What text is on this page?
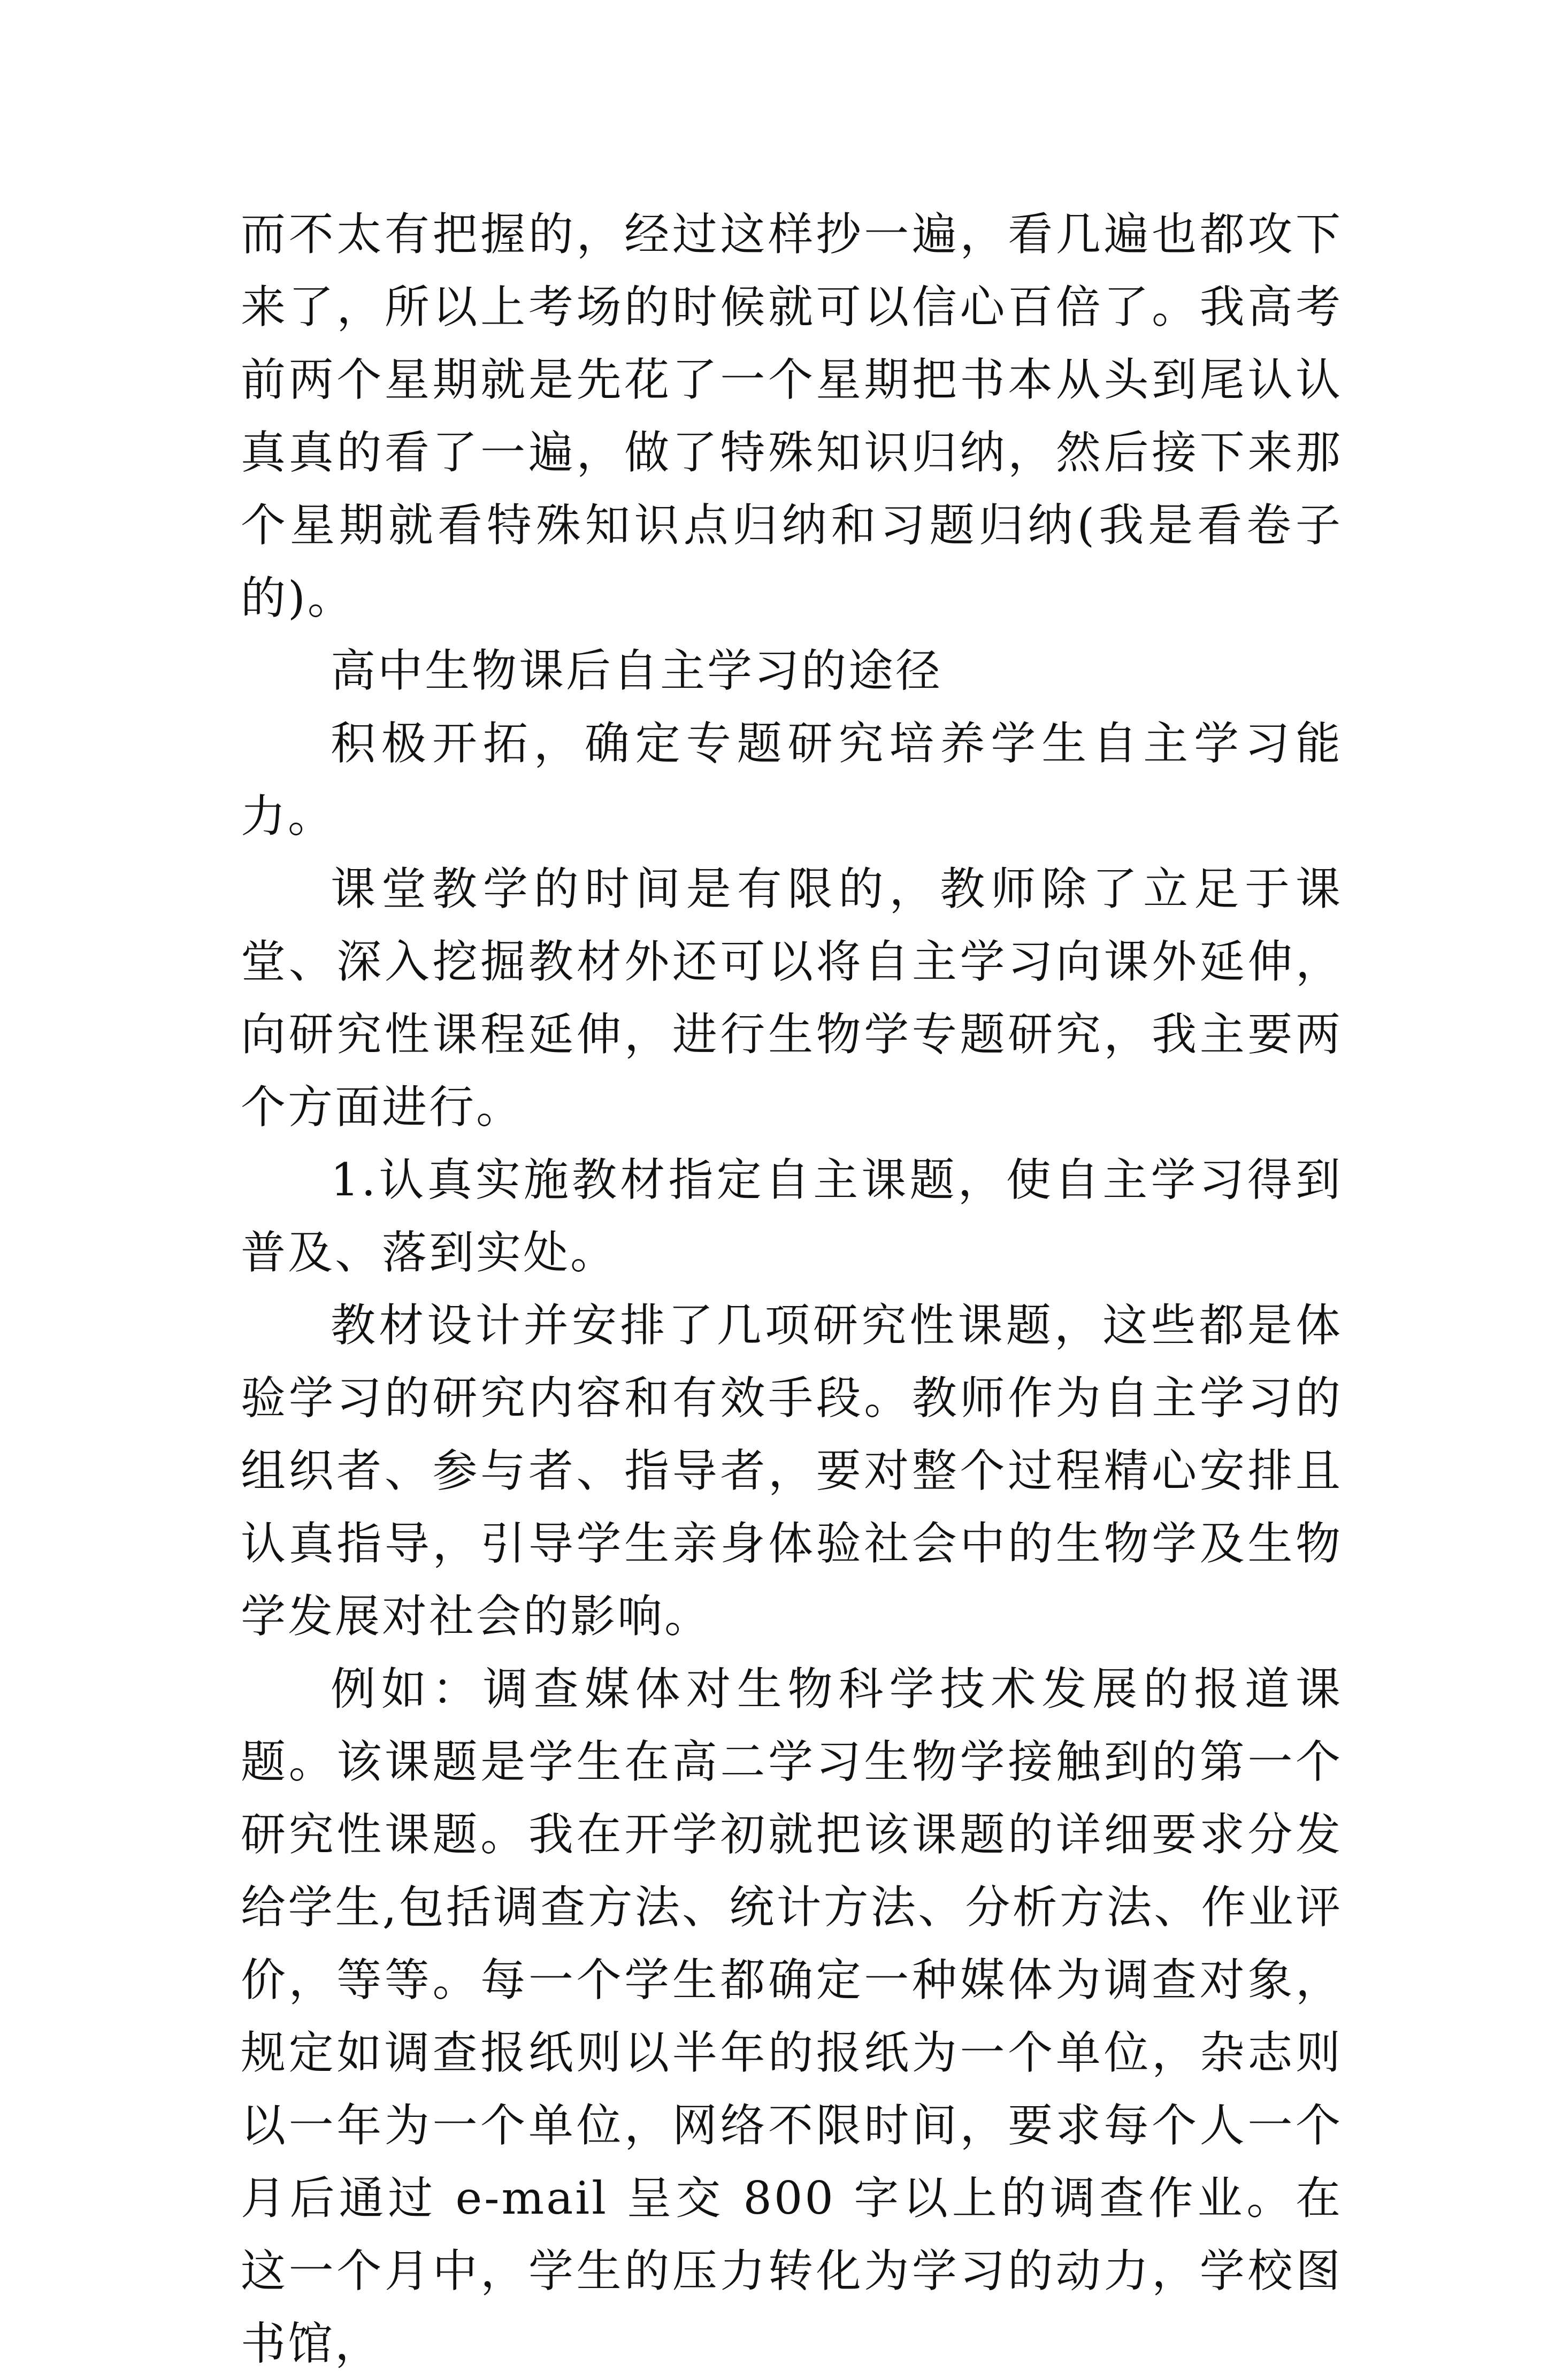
而不太有把握的，经过这样抄一遍，看几遍也都攻下来了，所以上考场的时候就可以信心百倍了。我高考前两个星期就是先花了一个星期把书本从头到尾认认真真的看了一遍，做了特殊知识归纳，然后接下来那个星期就看特殊知识点归纳和习题归纳(我是看卷子的)。

高中生物课后自主学习的途径

积极开拓，确定专题研究培养学生自主学习能力。

课堂教学的时间是有限的，教师除了立足于课堂、深入挖掘教材外还可以将自主学习向课外延伸，向研究性课程延伸，进行生物学专题研究，我主要两个方面进行。

1.认真实施教材指定自主课题，使自主学习得到普及、落到实处。

教材设计并安排了几项研究性课题，这些都是体验学习的研究内容和有效手段。教师作为自主学习的组织者、参与者、指导者，要对整个过程精心安排且认真指导，引导学生亲身体验社会中的生物学及生物学发展对社会的影响。

例如：调查媒体对生物科学技术发展的报道课题。该课题是学生在高二学习生物学接触到的第一个研究性课题。我在开学初就把该课题的详细要求分发给学生,包括调查方法、统计方法、分析方法、作业评价，等等。每一个学生都确定一种媒体为调查对象，规定如调查报纸则以半年的报纸为一个单位，杂志则以一年为一个单位，网络不限时间，要求每个人一个月后通过 e-mail 呈交 800 字以上的调查作业。在这一个月中，学生的压力转化为学习的动力，学校图书馆，
